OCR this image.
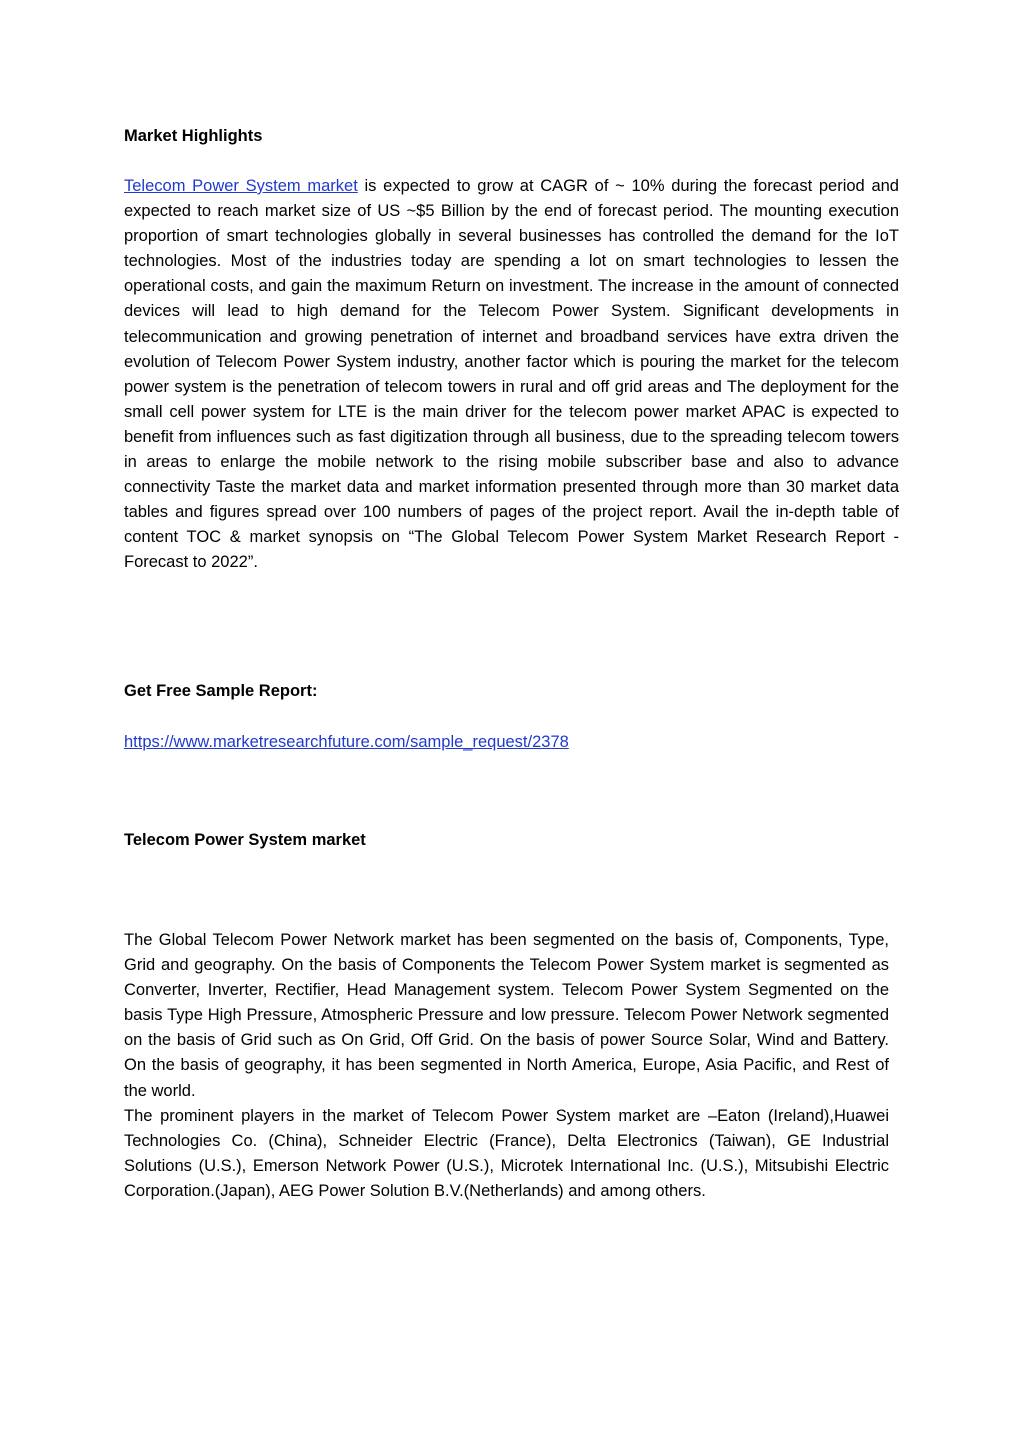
Market Highlights

Telecom Power System market is expected to grow at CAGR of ~ 10% during the forecast period and expected to reach market size of US ~$5 Billion by the end of forecast period. The mounting execution proportion of smart technologies globally in several businesses has controlled the demand for the IoT technologies. Most of the industries today are spending a lot on smart technologies to lessen the operational costs, and gain the maximum Return on investment. The increase in the amount of connected devices will lead to high demand for the Telecom Power System. Significant developments in telecommunication and growing penetration of internet and broadband services have extra driven the evolution of Telecom Power System industry, another factor which is pouring the market for the telecom power system is the penetration of telecom towers in rural and off grid areas and The deployment for the small cell power system for LTE is the main driver for the telecom power market APAC is expected to benefit from influences such as fast digitization through all business, due to the spreading telecom towers in areas to enlarge the mobile network to the rising mobile subscriber base and also to advance connectivity Taste the market data and market information presented through more than 30 market data tables and figures spread over 100 numbers of pages of the project report. Avail the in-depth table of content TOC & market synopsis on “The Global Telecom Power System Market Research Report -Forecast to 2022”.

Get Free Sample Report:
https://www.marketresearchfuture.com/sample_request/2378
Telecom Power System market

The Global Telecom Power Network market has been segmented on the basis of, Components, Type, Grid and geography. On the basis of Components the Telecom Power System market is segmented as Converter, Inverter, Rectifier, Head Management system. Telecom Power System Segmented on the basis Type High Pressure, Atmospheric Pressure and low pressure. Telecom Power Network segmented on the basis of Grid such as On Grid, Off Grid. On the basis of power Source Solar, Wind and Battery. On the basis of geography, it has been segmented in North America, Europe, Asia Pacific, and Rest of the world.

The prominent players in the market of Telecom Power System market are –Eaton (Ireland),Huawei Technologies Co. (China), Schneider Electric (France), Delta Electronics (Taiwan), GE Industrial Solutions (U.S.), Emerson Network Power (U.S.), Microtek International Inc. (U.S.), Mitsubishi Electric Corporation.(Japan), AEG Power Solution B.V.(Netherlands) and among others.
